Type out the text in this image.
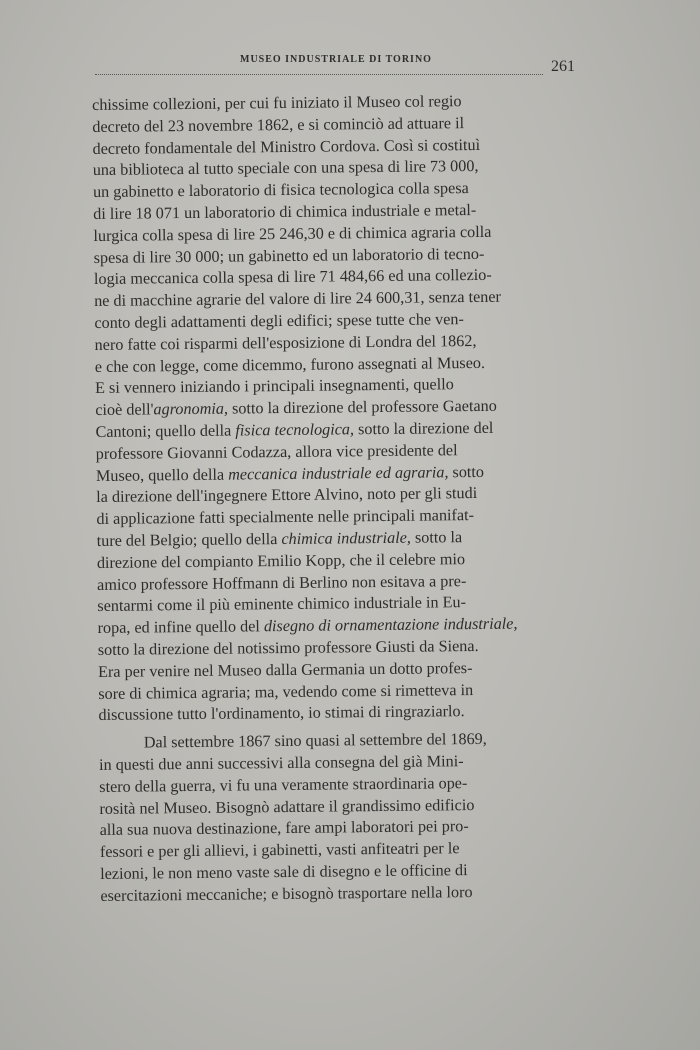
MUSEO INDUSTRIALE DI TORINO	261
chissime collezioni, per cui fu iniziato il Museo col regio
decreto del 23 novembre 1862, e si cominciò ad attuare il
decreto fondamentale del Ministro Cordova. Così si costituì
una biblioteca al tutto speciale con una spesa di lire 73 000,
un gabinetto e laboratorio di fisica tecnologica colla spesa
di lire 18 071 un laboratorio di chimica industriale e metal-
lurgica colla spesa di lire 25 246,30 e di chimica agraria colla
spesa di lire 30 000; un gabinetto ed un laboratorio di tecno-
logia meccanica colla spesa di lire 71 484,66 ed una collezio-
ne di macchine agrarie del valore di lire 24 600,31, senza tener
conto degli adattamenti degli edifici; spese tutte che ven-
nero fatte coi risparmi dell'esposizione di Londra del 1862,
e che con legge, come dicemmo, furono assegnati al Museo.
E si vennero iniziando i principali insegnamenti, quello
cioè dell'agronomia, sotto la direzione del professore Gaetano
Cantoni; quello della fisica tecnologica, sotto la direzione del
professore Giovanni Codazza, allora vice presidente del
Museo, quello della meccanica industriale ed agraria, sotto
la direzione dell'ingegnere Ettore Alvino, noto per gli studi
di applicazione fatti specialmente nelle principali manifat-
ture del Belgio; quello della chimica industriale, sotto la
direzione del compianto Emilio Kopp, che il celebre mio
amico professore Hoffmann di Berlino non esitava a pre-
sentarmi come il più eminente chimico industriale in Eu-
ropa, ed infine quello del disegno di ornamentazione industriale,
sotto la direzione del notissimo professore Giusti da Siena.
Era per venire nel Museo dalla Germania un dotto profes-
sore di chimica agraria; ma, vedendo come si rimetteva in
discussione tutto l'ordinamento, io stimai di ringraziarlo.
Dal settembre 1867 sino quasi al settembre del 1869,
in questi due anni successivi alla consegna del già Mini-
stero della guerra, vi fu una veramente straordinaria ope-
rosità nel Museo. Bisognò adattare il grandissimo edificio
alla sua nuova destinazione, fare ampi laboratori pei pro-
fessori e per gli allievi, i gabinetti, vasti anfiteatri per le
lezioni, le non meno vaste sale di disegno e le officine di
esercitazioni meccaniche; e bisognò trasportare nella loro
